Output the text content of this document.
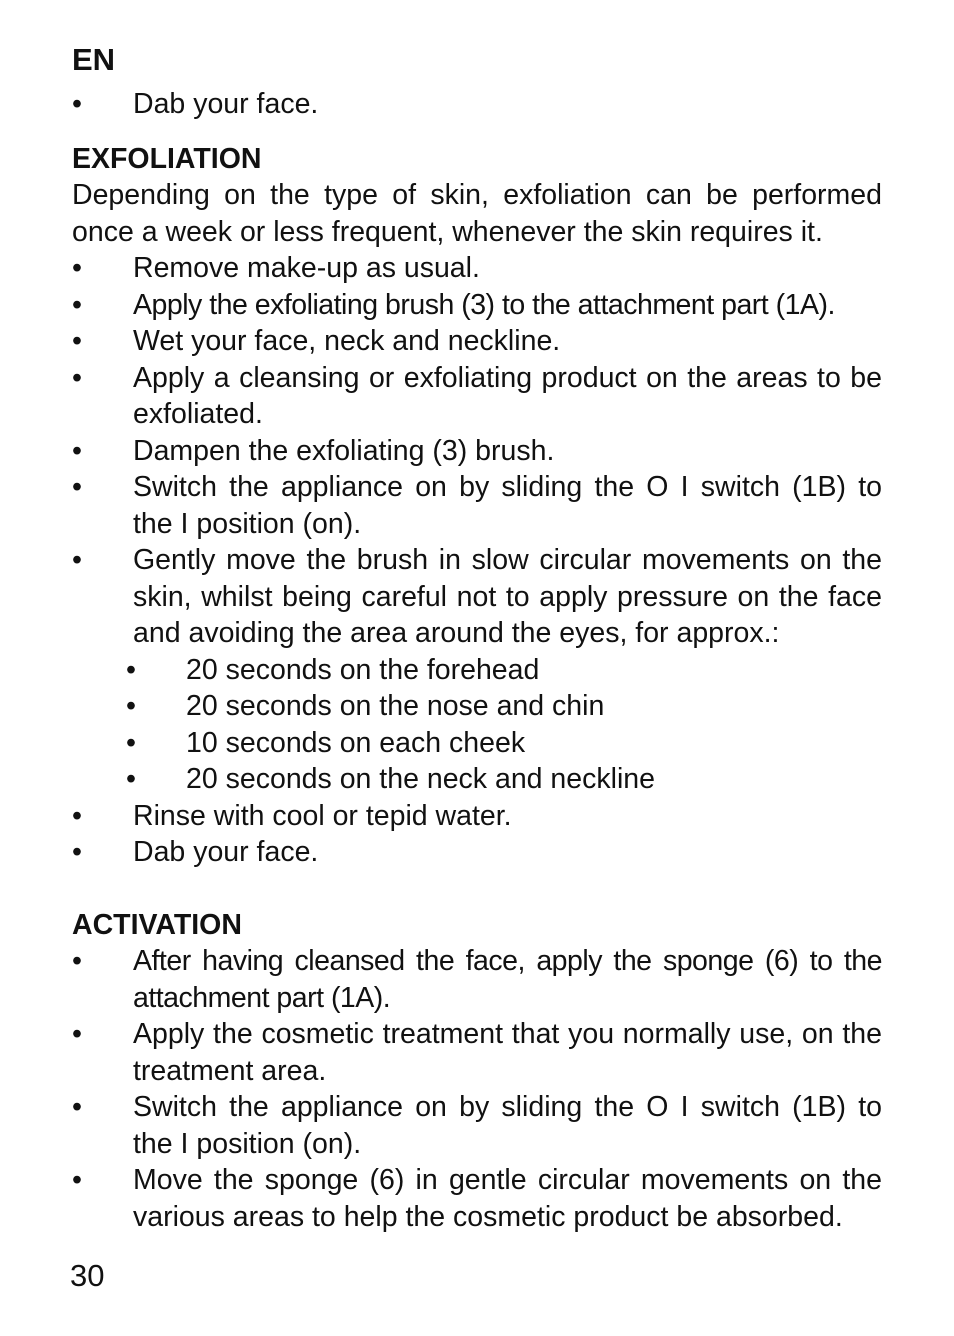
EN
• Dab your face.
EXFOLIATION

Depending on the type of skin, exfoliation can be performed once a week or less frequent, whenever the skin requires it.

• Remove make-up as usual.
• Apply the exfoliating brush (3) to the attachment part (1A).
• Wet your face, neck and neckline.
• Apply a cleansing or exfoliating product on the areas to be exfoliated.
• Dampen the exfoliating (3) brush.
• Switch the appliance on by sliding the O I switch (1B) to the I position (on).
• Gently move the brush in slow circular movements on the skin, whilst being careful not to apply pressure on the face and avoiding the area around the eyes, for approx.:
• 20 seconds on the forehead
• 20 seconds on the nose and chin
• 10 seconds on each cheek
• 20 seconds on the neck and neckline
• Rinse with cool or tepid water.
• Dab your face.
ACTIVATION
• After having cleansed the face, apply the sponge (6) to the attachment part (1A).
• Apply the cosmetic treatment that you normally use, on the treatment area.
• Switch the appliance on by sliding the O I switch (1B) to the I position (on).
• Move the sponge (6) in gentle circular movements on the various areas to help the cosmetic product be absorbed.
30
